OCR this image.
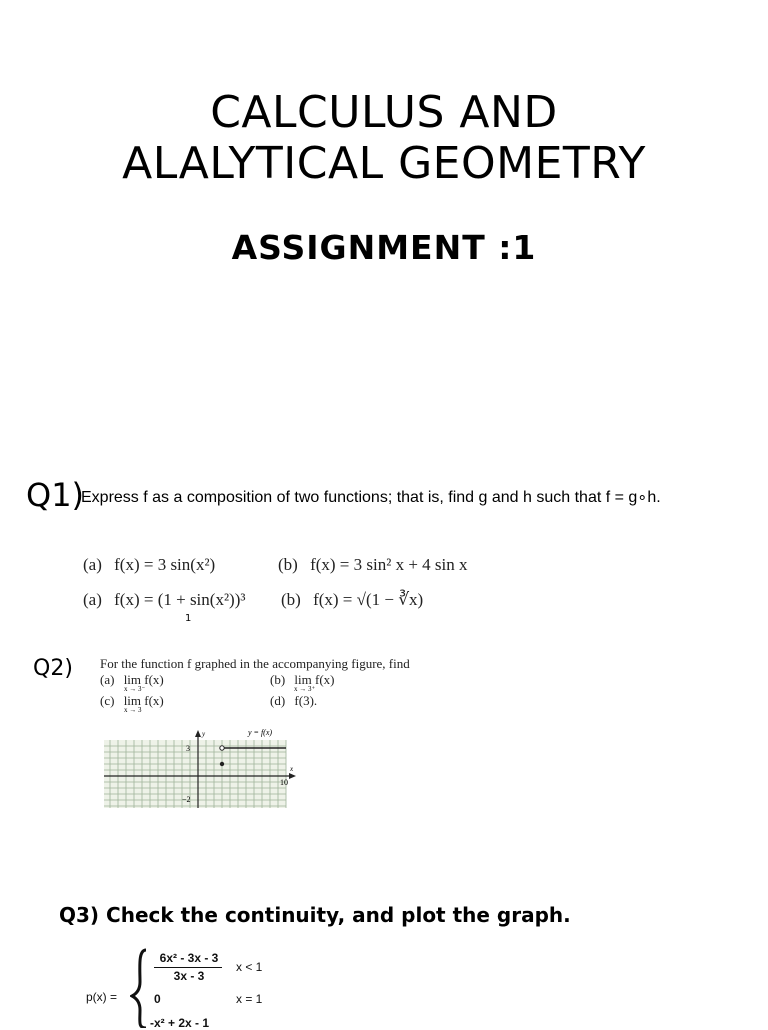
CALCULUS AND
ALALYTICAL GEOMETRY
ASSIGNMENT :1
Q1)
Express f as a composition of two functions; that is, find g and h such that f = g∘h.
(a) f(x) = 3 sin(x²)	(b) f(x) = 3 sin² x + 4 sin x
(a) f(x) = (1 + sin(x²))³ (b) f(x) = √(1 − ∛x)
1
Q2) For the function f graphed in the accompanying figure, find
(a) lim f(x)
x → 3⁻
(b) lim f(x)
x → 3⁺
(c) lim f(x)
x → 3
(d) f(3).
y
x
y = f(x)
3
−2
10
Q3) Check the continuity, and plot the graph.
p(x) =
6x² - 3x - 3
3x - 3
x < 1
0	x = 1
-x² + 2x - 1
